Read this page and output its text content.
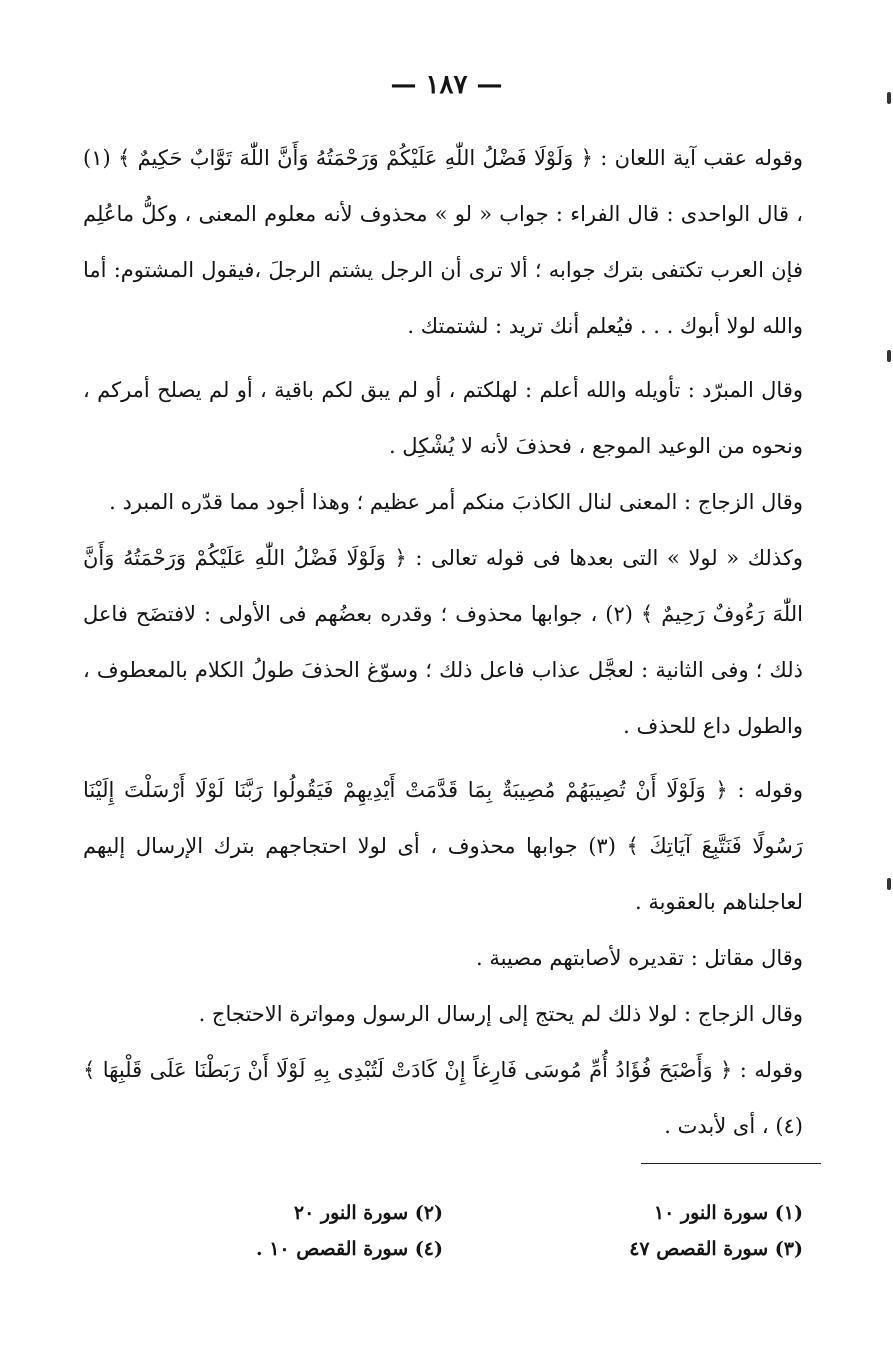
— ١٨٧ —

وقوله عقب آية اللعان : ﴿ وَلَوْلَا فَضْلُ اللّٰهِ عَلَيْكُمْ وَرَحْمَتُهُ وَأَنَّ اللّٰهَ تَوَّابٌ حَكِيمٌ ﴾ (١) ، قال الواحدى : قال الفراء : جواب « لو » محذوف لأنه معلوم المعنى ، وكلُّ ماعُلِم فإن العرب تكتفى بترك جوابه ؛ ألا ترى أن الرجل يشتم الرجلَ ،فيقول المشتوم: أما والله لولا أبوك . . . فيُعلم أنك تريد : لشتمتك .

وقال المبرّد : تأويله والله أعلم : لهلكتم ، أو لم يبق لكم باقية ، أو لم يصلح أمركم ، ونحوه من الوعيد الموجع ، فحذفَ لأنه لا يُشْكِل .

وقال الزجاج : المعنى لنال الكاذبَ منكم أمر عظيم ؛ وهذا أجود مما قدّره المبرد .

وكذلك « لولا » التى بعدها فى قوله تعالى : ﴿ وَلَوْلَا فَضْلُ اللّٰهِ عَلَيْكُمْ وَرَحْمَتُهُ وَأَنَّ اللّٰهَ رَءُوفٌ رَحِيمٌ ﴾ (٢) ، جوابها محذوف ؛ وقدره بعضُهم فى الأولى : لافتضَح فاعل ذلك ؛ وفى الثانية : لعجَّل عذاب فاعل ذلك ؛ وسوّغ الحذفَ طولُ الكلام بالمعطوف ، والطول داع للحذف .

وقوله : ﴿ وَلَوْلَا أَنْ تُصِيبَهُمْ مُصِيبَةٌ بِمَا قَدَّمَتْ أَيْدِيهِمْ فَيَقُولُوا رَبَّنَا لَوْلَا أَرْسَلْتَ إِلَيْنَا رَسُولًا فَنَتَّبِعَ آيَاتِكَ ﴾ (٣) جوابها محذوف ، أى لولا احتجاجهم بترك الإرسال إليهم لعاجلناهم بالعقوبة .

وقال مقاتل : تقديره لأصابتهم مصيبة .

وقال الزجاج : لولا ذلك لم يحتج إلى إرسال الرسول ومواترة الاحتجاج .

وقوله : ﴿ وَأَصْبَحَ فُؤَادُ أُمِّ مُوسَى فَارِغاً إِنْ كَادَتْ لَتُبْدِى بِهِ لَوْلَا أَنْ رَبَطْنَا عَلَى قَلْبِهَا ﴾ (٤) ، أى لأبدت .

(١) سورة النور ١٠
(٢) سورة النور ٢٠
(٣) سورة القصص ٤٧
(٤) سورة القصص ١٠ .
